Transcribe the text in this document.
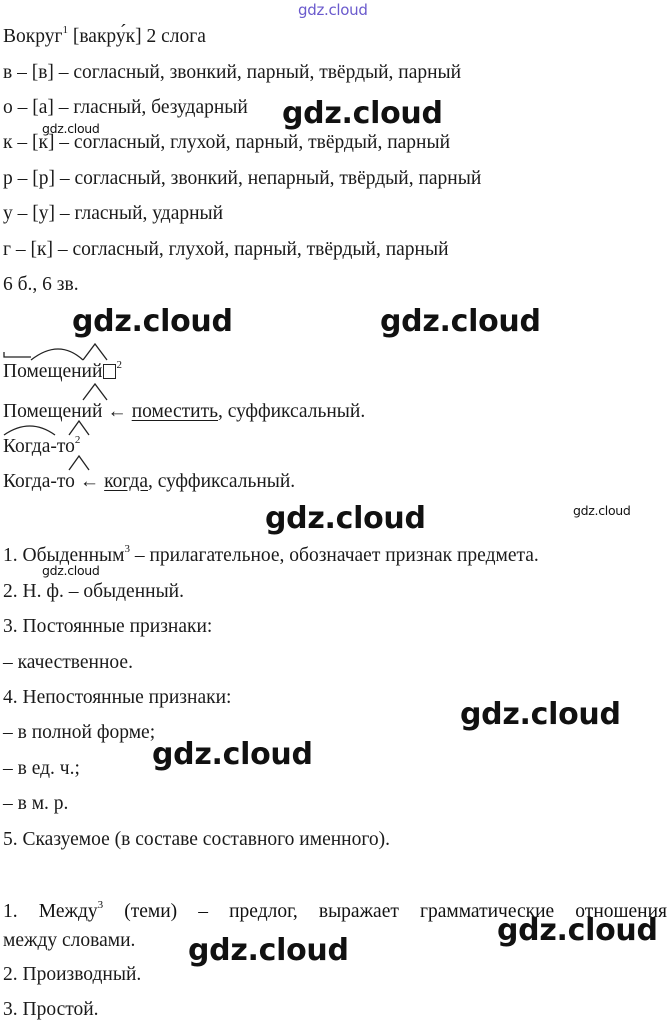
gdz.cloud
Вокруг$^1$ [вакру́к] 2 слога
в – [в] – согласный, звонкий, парный, твёрдый, парный
о – [а] – гласный, безударный
к – [к] – согласный, глухой, парный, твёрдый, парный
р – [р] – согласный, звонкий, непарный, твёрдый, парный
у – [у] – гласный, ударный
г – [к] – согласный, глухой, парный, твёрдый, парный
6 б., 6 зв.
Помещений $^2$
Помещений ← поместить, суффиксальный.
Когда-то
$^2$
Когда-то ← когда, суффиксальный.
1. Обыденным$^3$ – прилагательное, обозначает признак предмета.
2. Н. ф. – обыденный.
3. Постоянные признаки:
– качественное.
4. Непостоянные признаки:
– в полной форме;
– в ед. ч.;
– в м. р.
5. Сказуемое (в составе составного именного).
1. Между$^3$ (теми) – предлог, выражает грамматические отношения
между словами.
2. Производный.
3. Простой.
gdz.cloud
gdz.cloud
gdz.cloud	gdz.cloud
gdz.cloud	gdz.cloud
gdz.cloud
gdz.cloud
gdz.cloud
gdz.cloud
gdz.cloud
